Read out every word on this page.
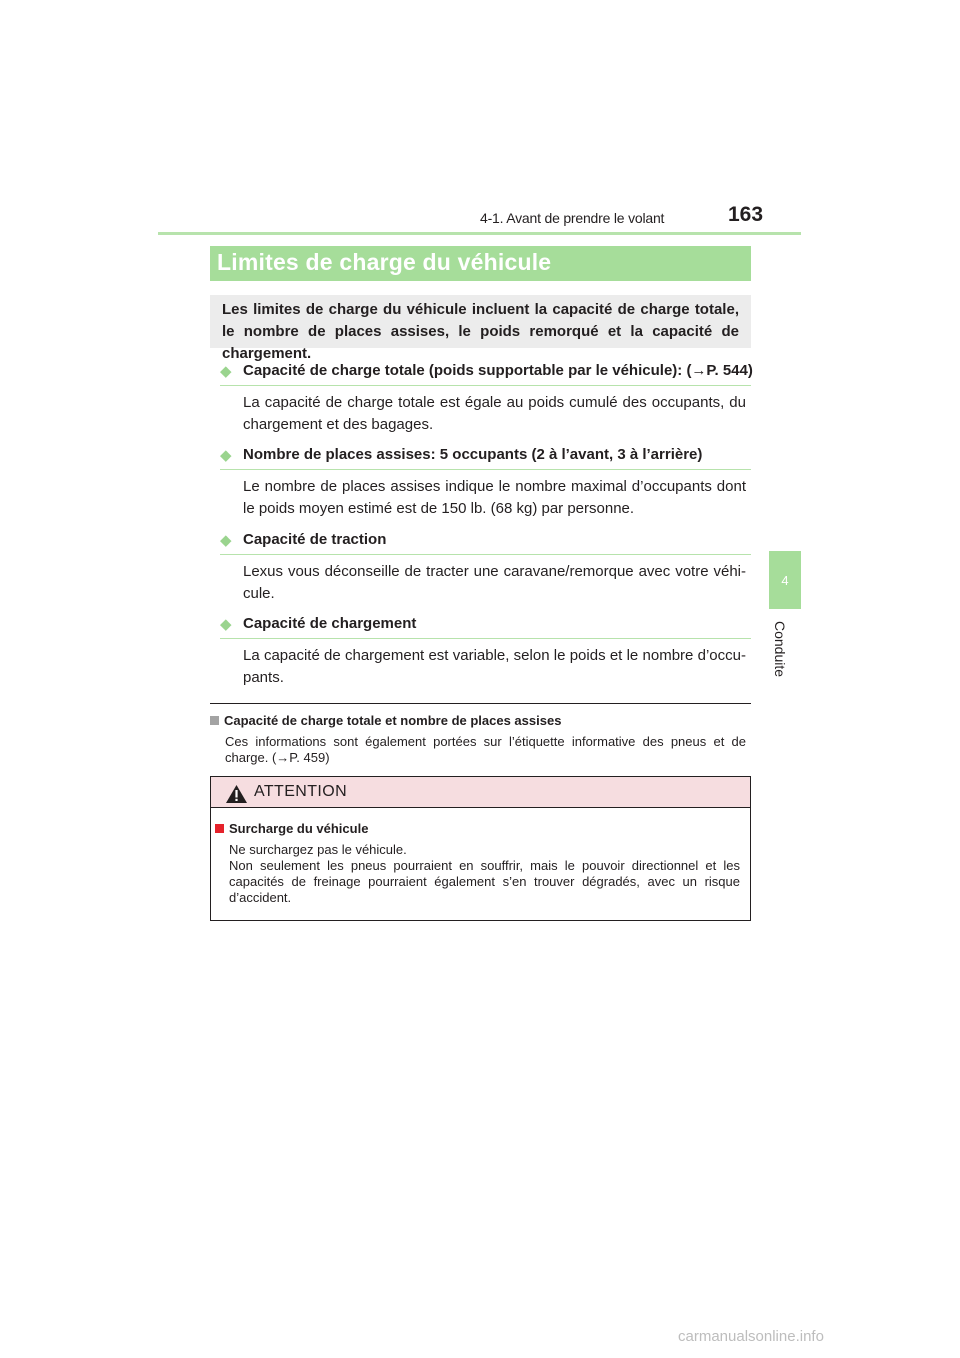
4-1. Avant de prendre le volant	163
4
Conduite
Limites de charge du véhicule

Les limites de charge du véhicule incluent la capacité de charge totale, le nombre de places assises, le poids remorqué et la capacité de chargement.

◆ Capacité de charge totale (poids supportable par le véhicule): (→P. 544)

La capacité de charge totale est égale au poids cumulé des occupants, du chargement et des bagages.

◆ Nombre de places assises: 5 occupants (2 à l’avant, 3 à l’arrière)

Le nombre de places assises indique le nombre maximal d’occupants dont le poids moyen estimé est de 150 lb. (68 kg) par personne.

◆ Capacité de traction

Lexus vous déconseille de tracter une caravane/remorque avec votre véhi-cule.

◆ Capacité de chargement

La capacité de chargement est variable, selon le poids et le nombre d’occu-pants.

Capacité de charge totale et nombre de places assises

Ces informations sont également portées sur l’étiquette informative des pneus et de charge. (→P. 459)

ATTENTION
Surcharge du véhicule
Ne surchargez pas le véhicule.
Non seulement les pneus pourraient en souffrir, mais le pouvoir directionnel et les capacités de freinage pourraient également s’en trouver dégradés, avec un risque d’accident.
carmanualsonline.info
